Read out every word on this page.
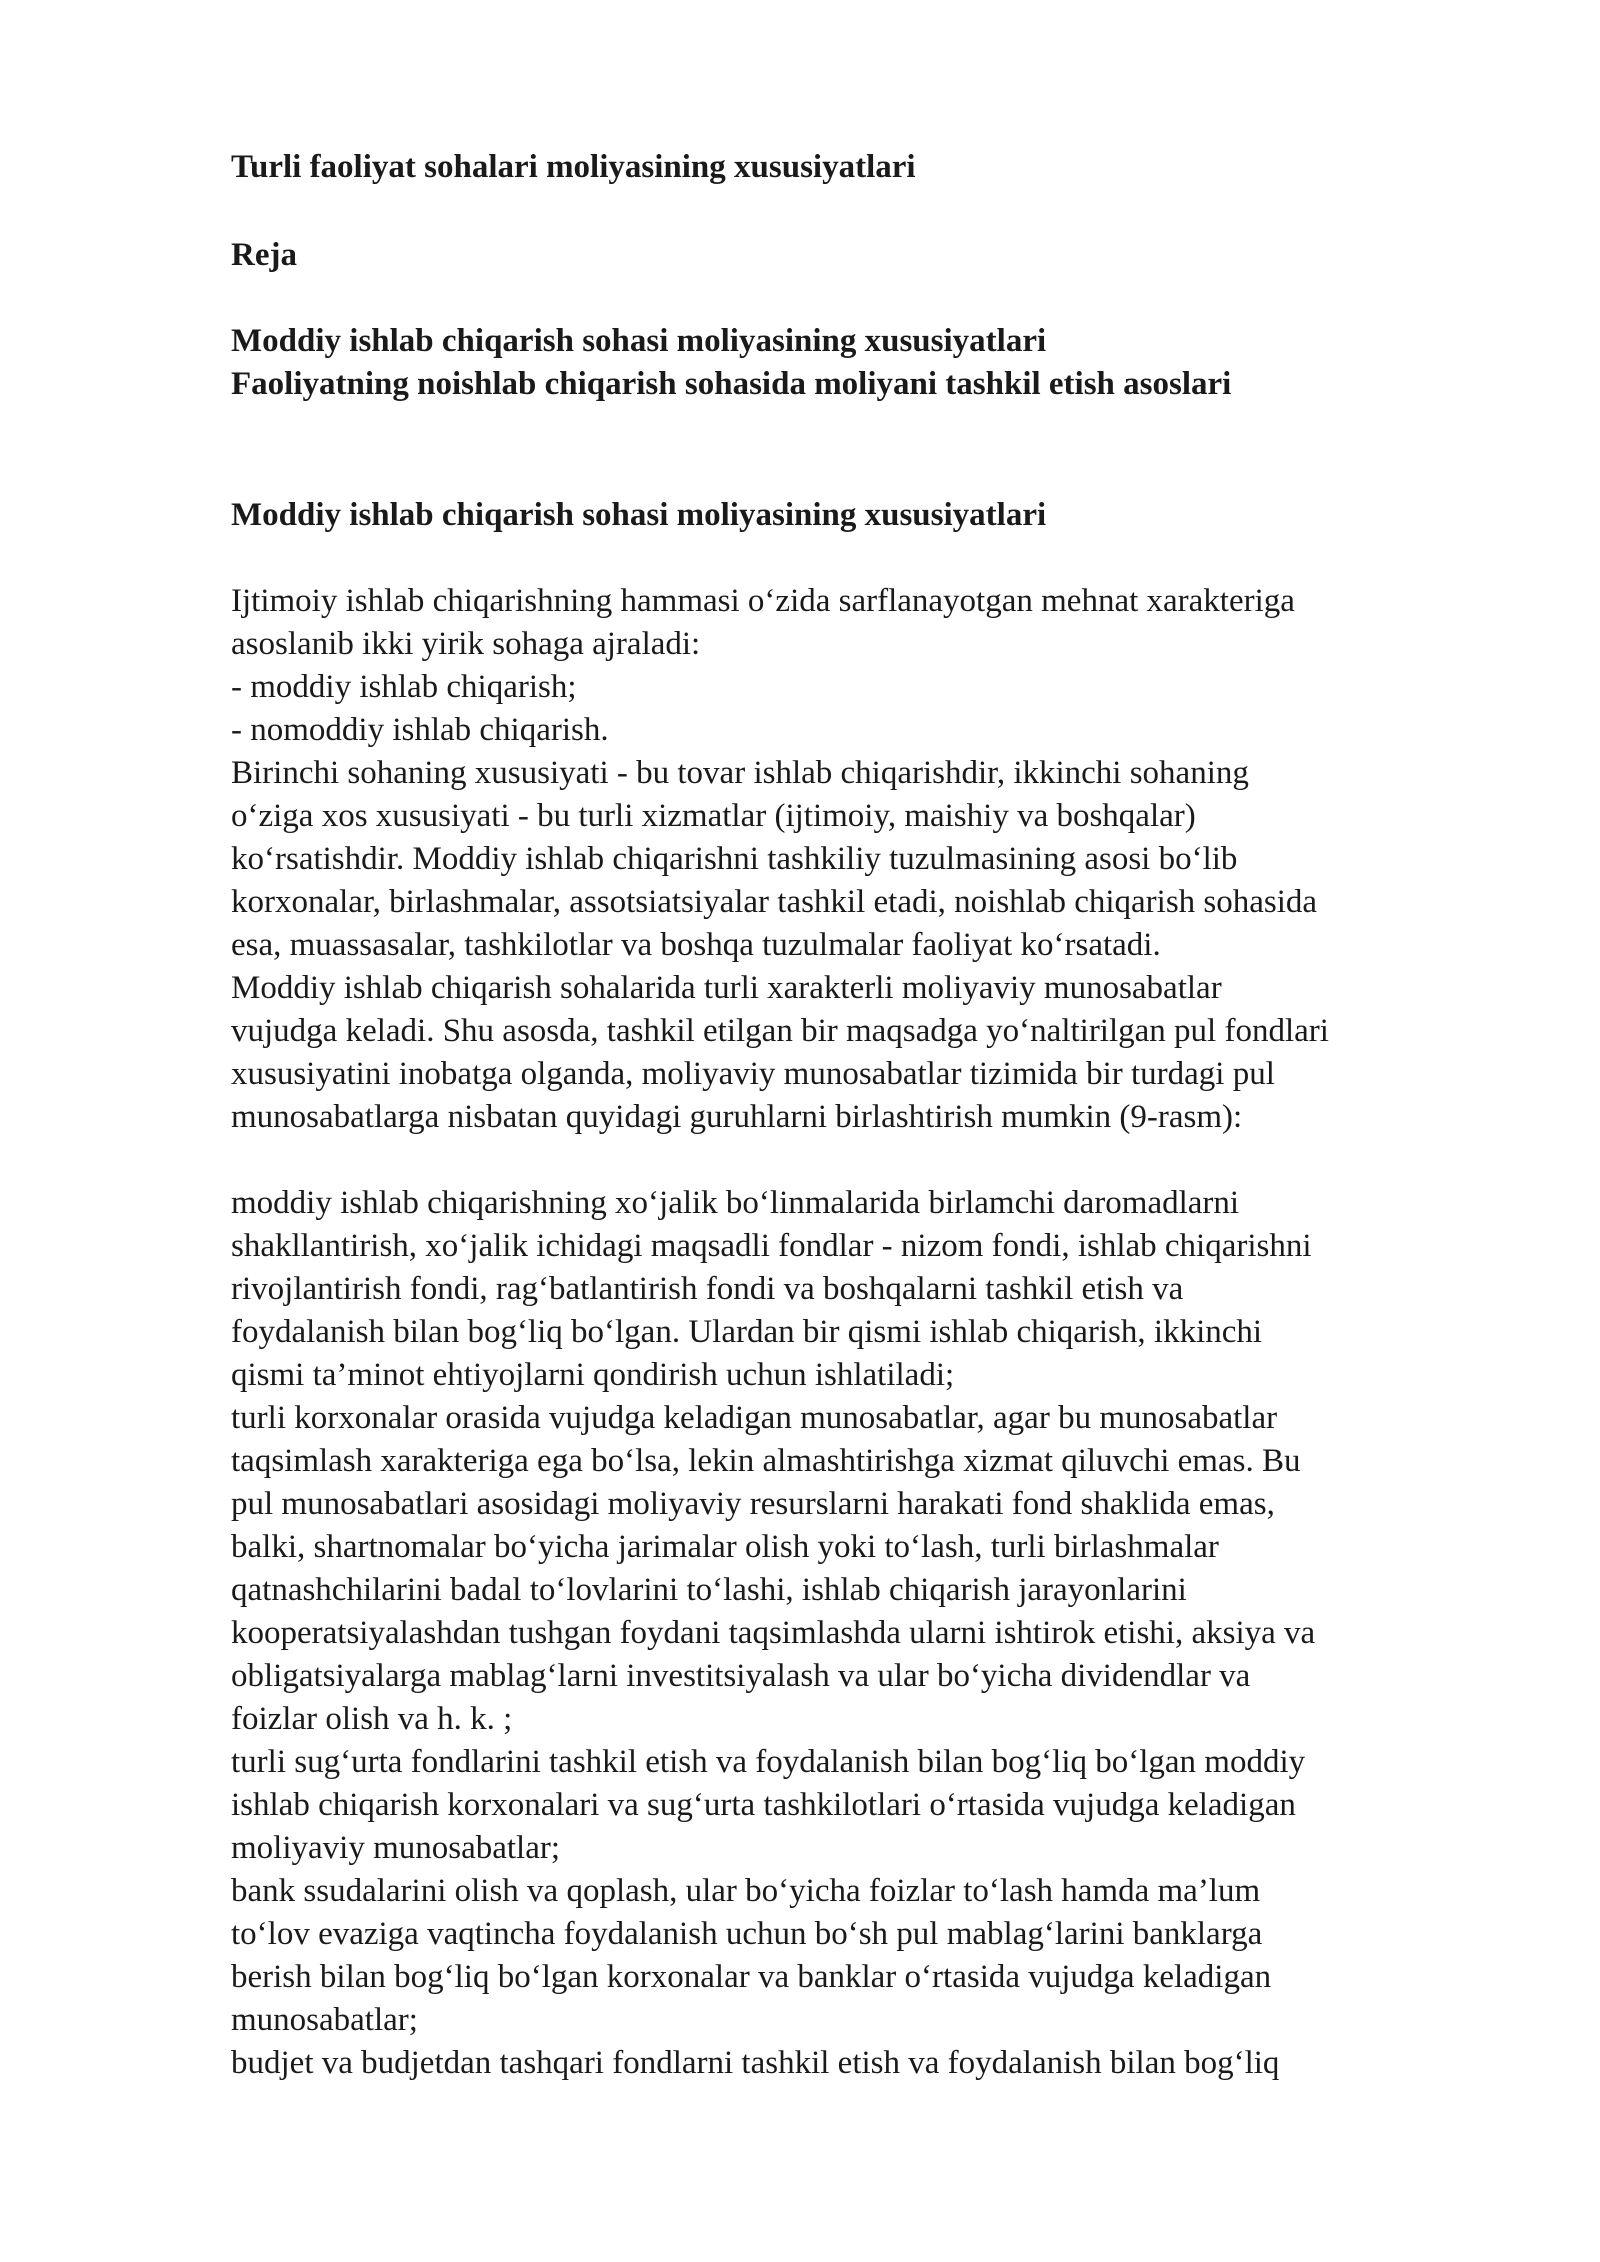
Turli faoliyat sohalari moliyasining xususiyatlari
Reja
Moddiy ishlab chiqarish sohasi moliyasining xususiyatlari
Faoliyatning noishlab chiqarish sohasida moliyani tashkil etish asoslari
Moddiy ishlab chiqarish sohasi moliyasining xususiyatlari

Ijtimoiy ishlab chiqarishning hammasi o‘zida sarflanayotgan mehnat xarakteriga

asoslanib ikki yirik sohaga ajraladi:

- moddiy ishlab chiqarish;

- nomoddiy ishlab chiqarish.

Birinchi sohaning xususiyati - bu tovar ishlab chiqarishdir, ikkinchi sohaning

o‘ziga xos xususiyati - bu turli xizmatlar (ijtimoiy, maishiy va boshqalar)

ko‘rsatishdir. Moddiy ishlab chiqarishni tashkiliy tuzulmasining asosi bo‘lib

korxonalar, birlashmalar, assotsiatsiyalar tashkil etadi, noishlab chiqarish sohasida

esa, muassasalar, tashkilotlar va boshqa tuzulmalar faoliyat ko‘rsatadi.

Moddiy ishlab chiqarish sohalarida turli xarakterli moliyaviy munosabatlar

vujudga keladi. Shu asosda, tashkil etilgan bir maqsadga yo‘naltirilgan pul fondlari

xususiyatini inobatga olganda, moliyaviy munosabatlar tizimida bir turdagi pul

munosabatlarga nisbatan quyidagi guruhlarni birlashtirish mumkin (9-rasm):

moddiy ishlab chiqarishning xo‘jalik bo‘linmalarida birlamchi daromadlarni

shakllantirish, xo‘jalik ichidagi maqsadli fondlar - nizom fondi, ishlab chiqarishni

rivojlantirish fondi, rag‘batlantirish fondi va boshqalarni tashkil etish va

foydalanish bilan bog‘liq bo‘lgan. Ulardan bir qismi ishlab chiqarish, ikkinchi

qismi ta’minot ehtiyojlarni qondirish uchun ishlatiladi;

turli korxonalar orasida vujudga keladigan munosabatlar, agar bu munosabatlar

taqsimlash xarakteriga ega bo‘lsa, lekin almashtirishga xizmat qiluvchi emas. Bu

pul munosabatlari asosidagi moliyaviy resurslarni harakati fond shaklida emas,

balki, shartnomalar bo‘yicha jarimalar olish yoki to‘lash, turli birlashmalar

qatnashchilarini badal to‘lovlarini to‘lashi, ishlab chiqarish jarayonlarini

kooperatsiyalashdan tushgan foydani taqsimlashda ularni ishtirok etishi, aksiya va

obligatsiyalarga mablag‘larni investitsiyalash va ular bo‘yicha dividendlar va

foizlar olish va h. k. ;

turli sug‘urta fondlarini tashkil etish va foydalanish bilan bog‘liq bo‘lgan moddiy

ishlab chiqarish korxonalari va sug‘urta tashkilotlari o‘rtasida vujudga keladigan

moliyaviy munosabatlar;

bank ssudalarini olish va qoplash, ular bo‘yicha foizlar to‘lash hamda ma’lum

to‘lov evaziga vaqtincha foydalanish uchun bo‘sh pul mablag‘larini banklarga

berish bilan bog‘liq bo‘lgan korxonalar va banklar o‘rtasida vujudga keladigan

munosabatlar;

budjet va budjetdan tashqari fondlarni tashkil etish va foydalanish bilan bog‘liq
